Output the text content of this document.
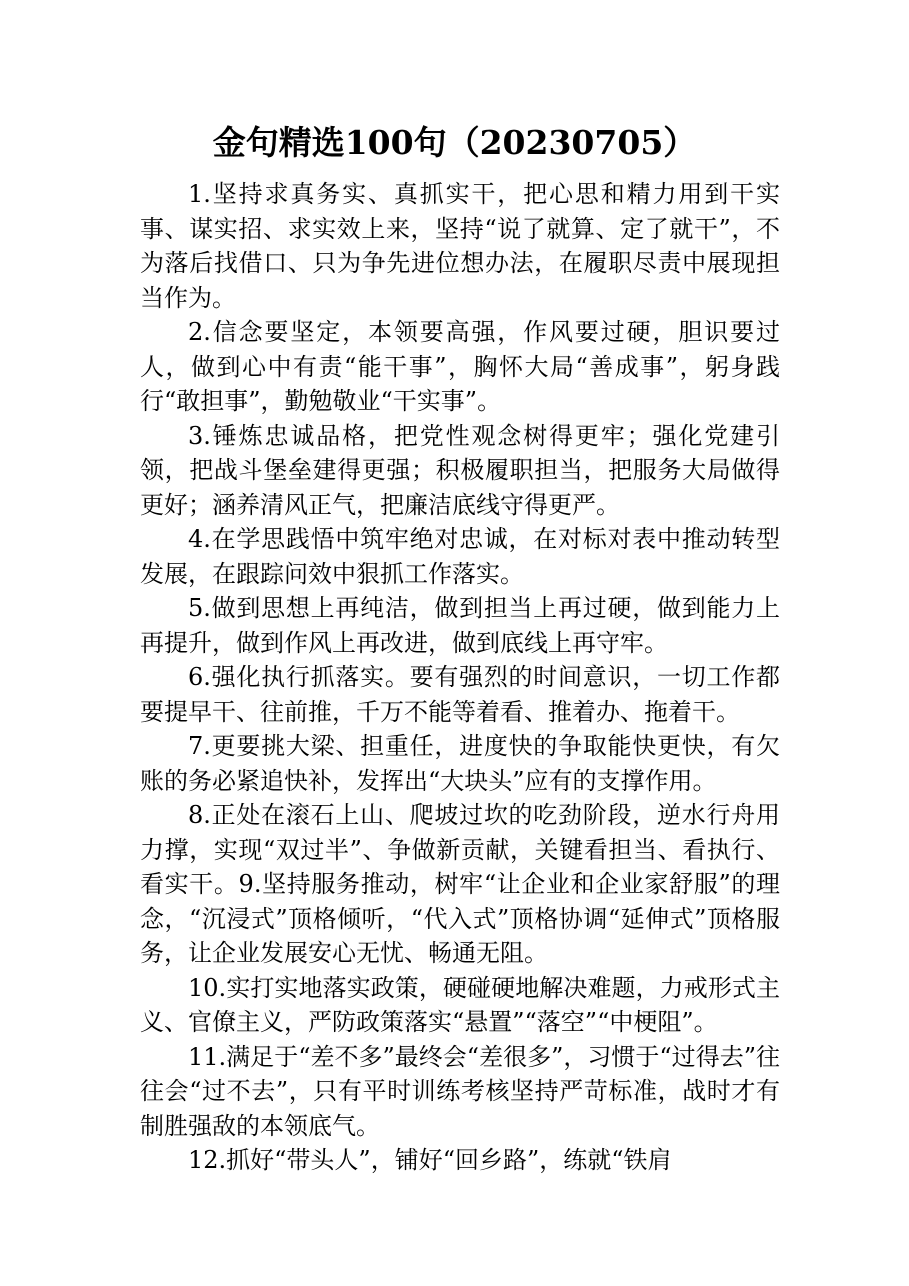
金句精选100句（20230705）

1.坚持求真务实、真抓实干，把心思和精力用到干实事、谋实招、求实效上来，坚持“说了就算、定了就干”，不为落后找借口、只为争先进位想办法，在履职尽责中展现担当作为。

2.信念要坚定，本领要高强，作风要过硬，胆识要过人，做到心中有责“能干事”，胸怀大局“善成事”，躬身践行“敢担事”，勤勉敬业“干实事”。

3.锤炼忠诚品格，把党性观念树得更牢；强化党建引领，把战斗堡垒建得更强；积极履职担当，把服务大局做得更好；涵养清风正气，把廉洁底线守得更严。

4.在学思践悟中筑牢绝对忠诚，在对标对表中推动转型发展，在跟踪问效中狠抓工作落实。

5.做到思想上再纯洁，做到担当上再过硬，做到能力上再提升，做到作风上再改进，做到底线上再守牢。

6.强化执行抓落实。要有强烈的时间意识，一切工作都要提早干、往前推，千万不能等着看、推着办、拖着干。

7.更要挑大梁、担重任，进度快的争取能快更快，有欠账的务必紧追快补，发挥出“大块头”应有的支撑作用。

8.正处在滚石上山、爬坡过坎的吃劲阶段，逆水行舟用力撑，实现“双过半”、争做新贡献，关键看担当、看执行、看实干。9.坚持服务推动，树牢“让企业和企业家舒服”的理念，“沉浸式”顶格倾听，“代入式”顶格协调“延伸式”顶格服务，让企业发展安心无忧、畅通无阻。

10.实打实地落实政策，硬碰硬地解决难题，力戒形式主义、官僚主义，严防政策落实“悬置”“落空”“中梗阻”。

11.满足于“差不多”最终会“差很多”，习惯于“过得去”往往会“过不去”，只有平时训练考核坚持严苛标准，战时才有制胜强敌的本领底气。

12.抓好“带头人”，铺好“回乡路”，练就“铁肩
